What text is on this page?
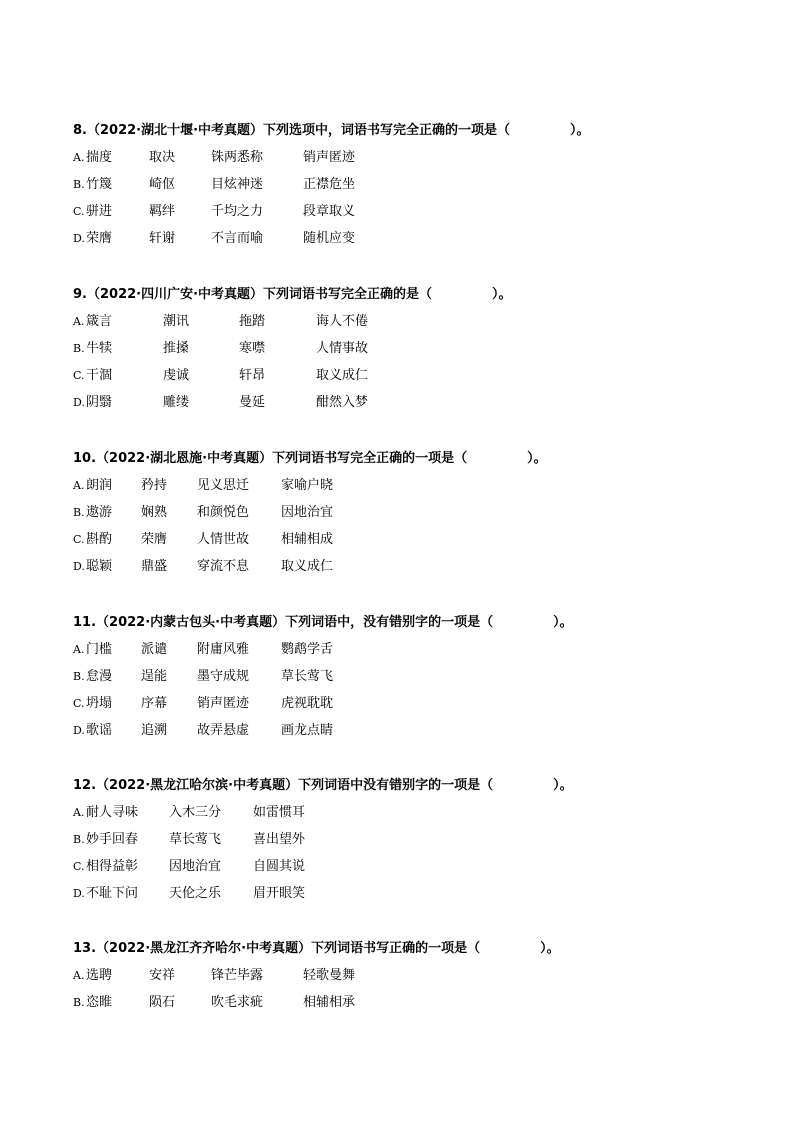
8.（2022·湖北十堰·中考真题）下列选项中，词语书写完全正确的一项是（	）。
A. 揣度	取决	铢两悉称	销声匿迹
B. 竹篾	崎伛	目炫神迷	正襟危坐
C. 骈进	羁绊	千均之力	段章取义
D. 荣膺	轩谢	不言而喻	随机应变
9.（2022·四川广安·中考真题）下列词语书写完全正确的是（	）。
A. 箴言	潮讯	拖踏	诲人不倦
B. 牛犊	推搡	寒噤	人情事故
C. 干涸	虔诚	轩昂	取义成仁
D. 阴翳	雕缕	曼延	酣然入梦
10.（2022·湖北恩施·中考真题）下列词语书写完全正确的一项是（	）。
A. 朗润 矜持 见义思迁 家喻户晓
B. 遨游 娴熟 和颜悦色 因地治宜
C. 斟酌 荣膺 人情世故 相辅相成
D. 聪颖 鼎盛 穿流不息 取义成仁
11.（2022·内蒙古包头·中考真题）下列词语中，没有错别字的一项是（	）。
A. 门槛 派谴 附庸风雅 鹦鹉学舌
B. 怠漫 逞能 墨守成规 草长莺飞
C. 坍塌 序幕 销声匿迹 虎视耽耽
D. 歌谣 追溯 故弄悬虚 画龙点睛
12.（2022·黑龙江哈尔滨·中考真题）下列词语中没有错别字的一项是（	）。
A. 耐人寻味 入木三分 如雷惯耳
B. 妙手回春 草长莺飞 喜出望外
C. 相得益彰 因地治宜 自圆其说
D. 不耻下问 天伦之乐 眉开眼笑
13.（2022·黑龙江齐齐哈尔·中考真题）下列词语书写正确的一项是（	）。
A. 选聘	安祥	锋芒毕露	轻歌曼舞
B. 恣睢	陨石	吹毛求疵	相辅相承
